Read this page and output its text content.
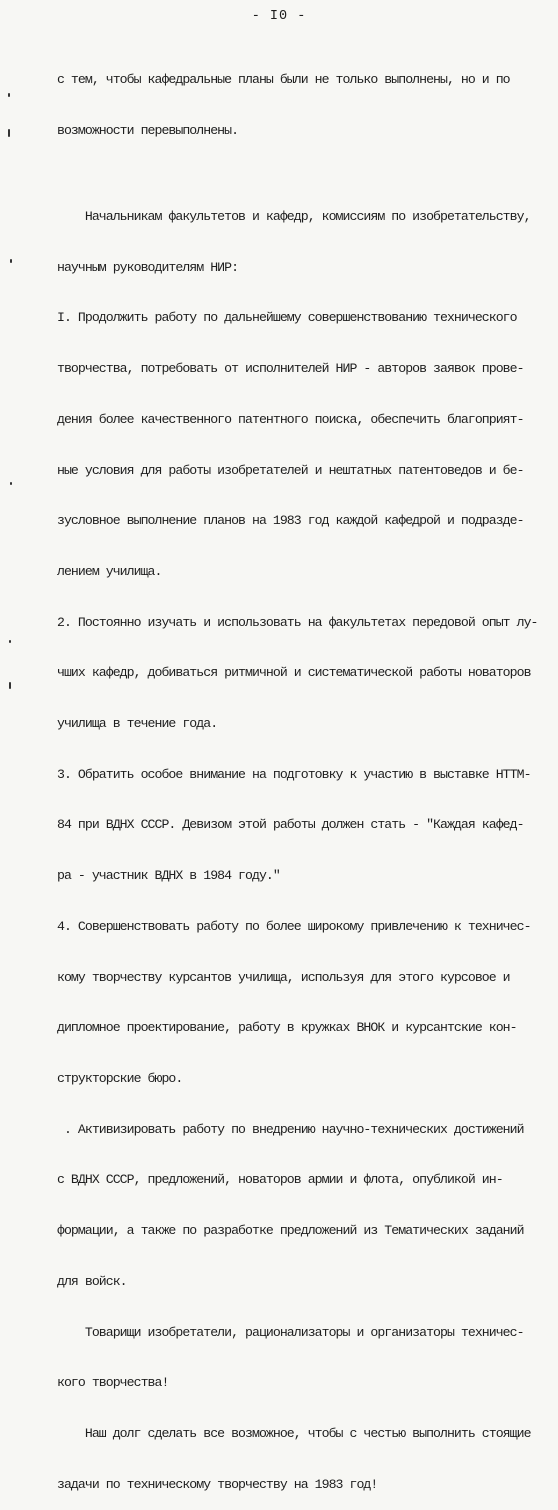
- I0 -

с тем, чтобы кафедральные планы были не только выполнены, но и по

возможности перевыполнены.

Начальникам факультетов и кафедр, комиссиям по изобретательству,

научным руководителям НИР:

I. Продолжить работу по дальнейшему совершенствованию технического

творчества, потребовать от исполнителей НИР - авторов заявок прове-

дения более качественного патентного поиска, обеспечить благоприят-

ные условия для работы изобретателей и нештатных патентоведов и бе-

зусловное выполнение планов на 1983 год каждой кафедрой и подразде-

лением училища.

2. Постоянно изучать и использовать на факультетах передовой опыт лу-

чших кафедр, добиваться ритмичной и систематической работы новаторов

училища в течение года.

3. Обратить особое внимание на подготовку к участию в выставке НТТМ-

84 при ВДНХ СССР. Девизом этой работы должен стать - "Каждая кафед-

ра - участник ВДНХ в 1984 году."

4. Совершенствовать работу по более широкому привлечению к техничес-

кому творчеству курсантов училища, используя для этого курсовое и

дипломное проектирование, работу в кружках ВНОК и курсантские кон-

структорские бюро.

. Активизировать работу по внедрению научно-технических достижений

с ВДНХ СССР, предложений, новаторов армии и флота, опубликой ин-

формации, а также по разработке предложений из Тематических заданий

для войск.

Товарищи изобретатели, рационализаторы и организаторы техничес-

кого творчества!

Наш долг сделать все возможное, чтобы с честью выполнить стоящие

задачи по техническому творчеству на 1983 год!
